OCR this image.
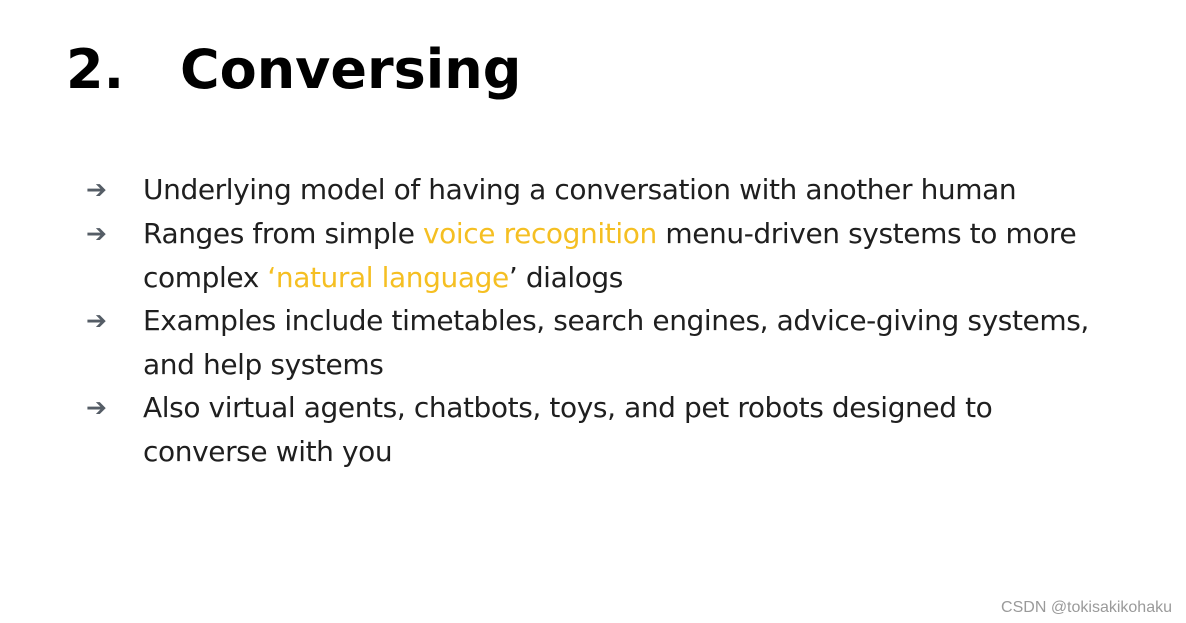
2. Conversing
➔	Underlying model of having a conversation with another human
➔	Ranges from simple voice recognition menu-driven systems to more complex ‘natural language’ dialogs
➔	Examples include timetables, search engines, advice-giving systems, and help systems
➔	Also virtual agents, chatbots, toys, and pet robots designed to converse with you
CSDN @tokisakikohaku
